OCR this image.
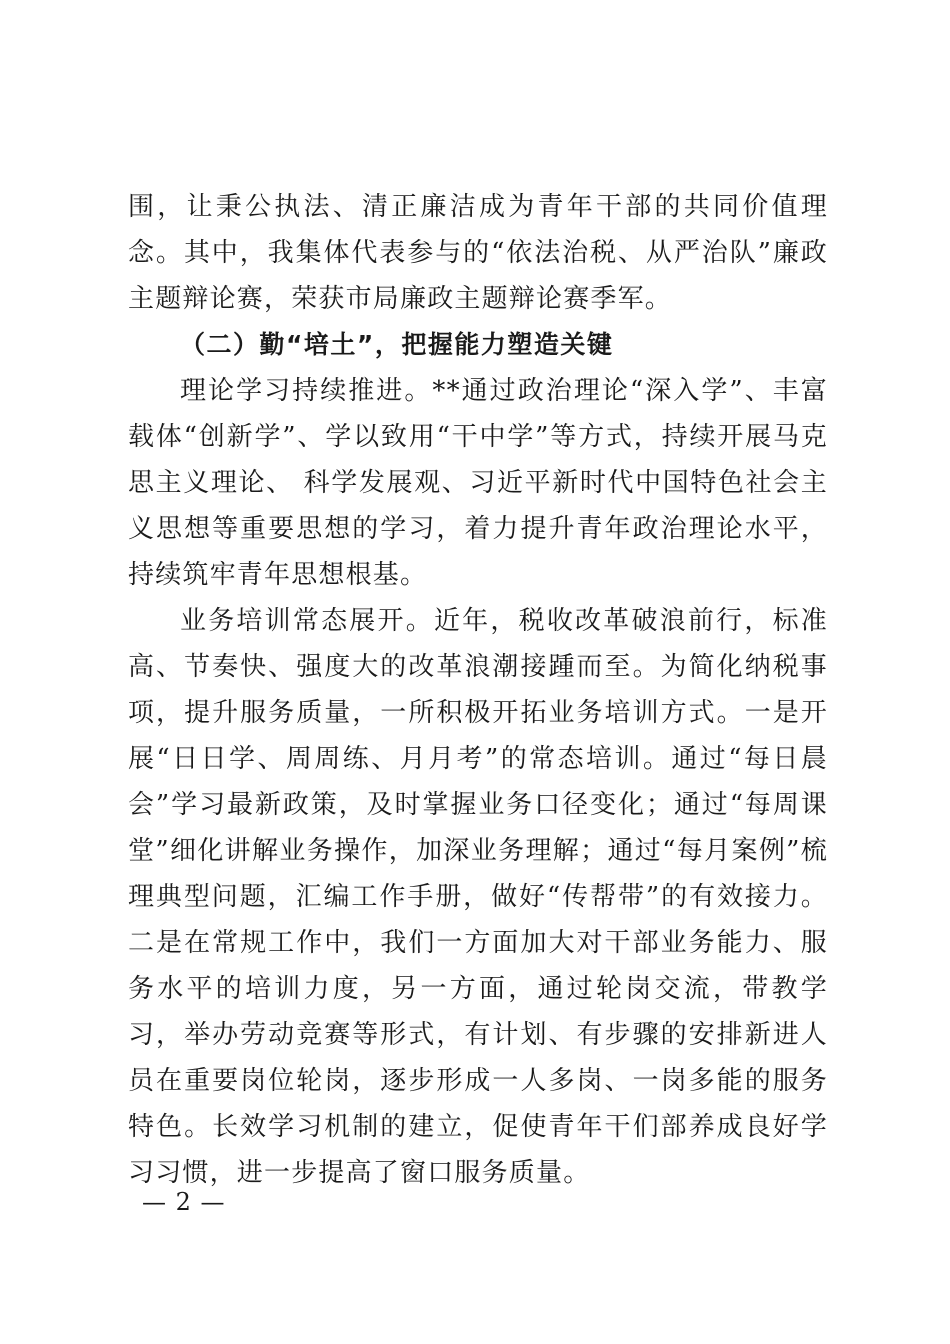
围，让秉公执法、清正廉洁成为青年干部的共同价值理念。其中，我集体代表参与的“依法治税、从严治队”廉政主题辩论赛，荣获市局廉政主题辩论赛季军。

（二）勤“培土”，把握能力塑造关键

理论学习持续推进。**通过政治理论“深入学”、丰富载体“创新学”、学以致用“干中学”等方式，持续开展马克思主义理论、 科学发展观、习近平新时代中国特色社会主义思想等重要思想的学习，着力提升青年政治理论水平，持续筑牢青年思想根基。

业务培训常态展开。近年，税收改革破浪前行，标准高、节奏快、强度大的改革浪潮接踵而至。为简化纳税事项，提升服务质量，一所积极开拓业务培训方式。一是开展“日日学、周周练、月月考”的常态培训。通过“每日晨会”学习最新政策，及时掌握业务口径变化；通过“每周课堂”细化讲解业务操作，加深业务理解；通过“每月案例”梳理典型问题，汇编工作手册，做好“传帮带”的有效接力。二是在常规工作中，我们一方面加大对干部业务能力、服务水平的培训力度，另一方面，通过轮岗交流，带教学习，举办劳动竞赛等形式，有计划、有步骤的安排新进人员在重要岗位轮岗，逐步形成一人多岗、一岗多能的服务特色。长效学习机制的建立，促使青年干们部养成良好学习习惯，进一步提高了窗口服务质量。

— 2 —
